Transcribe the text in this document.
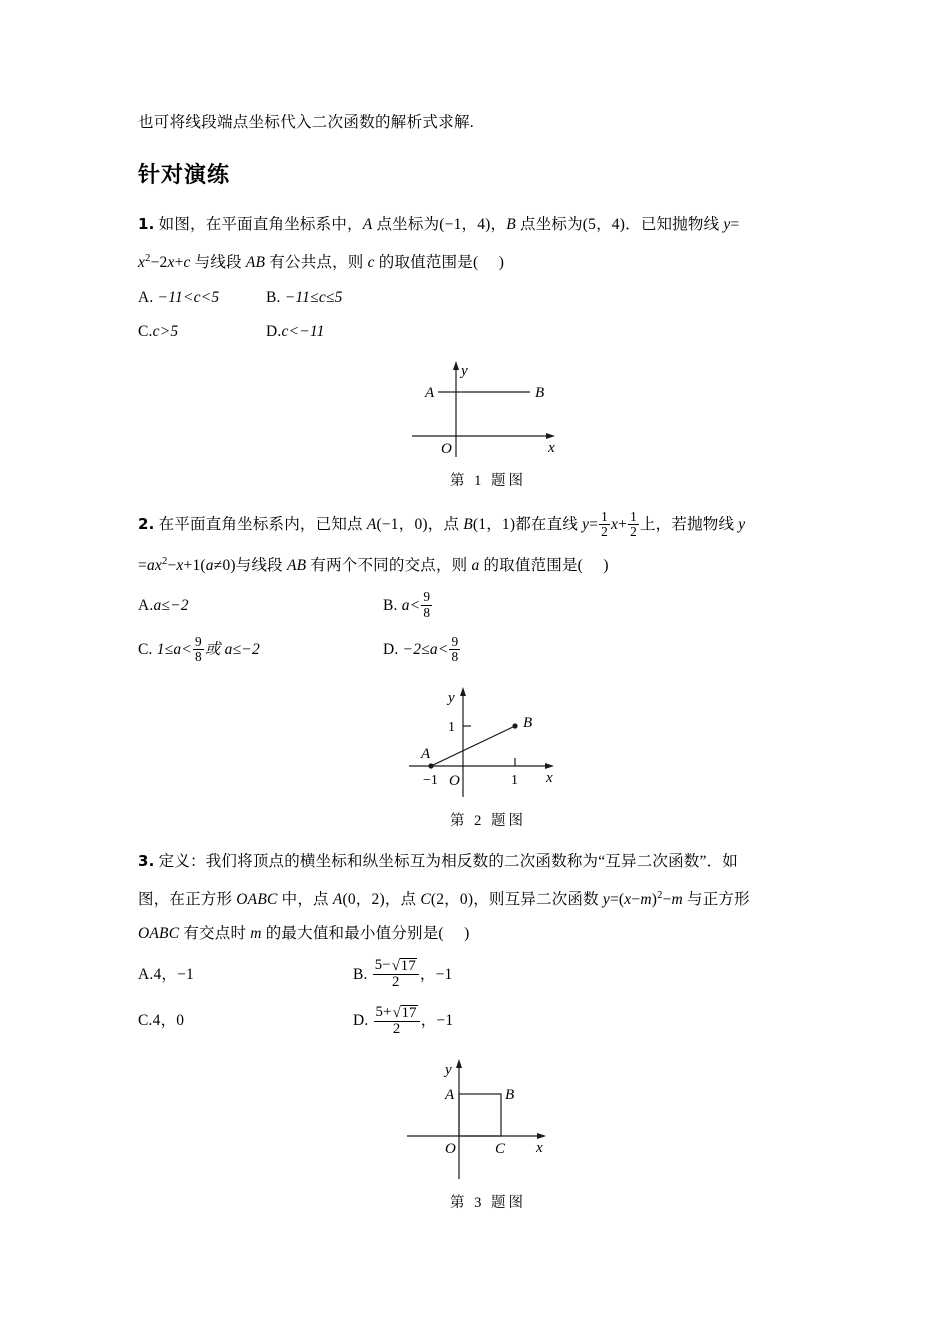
也可将线段端点坐标代入二次函数的解析式求解.

针对演练
1. 如图，在平面直角坐标系中，A 点坐标为(−1，4)，B 点坐标为(5，4)．已知抛物线 y=
$x^2-2x+c$ 与线段 AB 有公共点，则 c 的取值范围是( )
A. −11<c<5	B. −11≤c≤5
C.c>5	D.c<−11
A	B
O	x
y
第 1 题图
2. 在平面直角坐标系内，已知点 A(−1，0)，点 B(1，1)都在直线 $y= \frac{1}{2} x+ \frac{1}{2}$ 上，若抛物线 y
$=ax^2-x+1(a\ne 0)$与线段 AB 有两个不同的交点，则 a 的取值范围是( )
A.a≤−2	B. $a< \frac{9}{8}$
C. $1\le a< \frac{9}{8}$ 或 a≤−2	D. $-2\le a< \frac{9}{8}$
A
B
O
−1	1
1
x
y
第 2 题图
3. 定义：我们将顶点的横坐标和纵坐标互为相反数的二次函数称为“互异二次函数”．如
图，在正方形 OABC 中，点 A(0，2)，点 C(2，0)，则互异二次函数 $y=(x-m)^2-m$ 与正方形
OABC 有交点时 m 的最大值和最小值分别是( )
A.4，−1	B. $\frac{5- √ 17}{2}$ ，−1
C.4，0	D. $\frac{5+ √ 17}{2}$ ，−1
A	B
C
O	x
y
第 3 题图
